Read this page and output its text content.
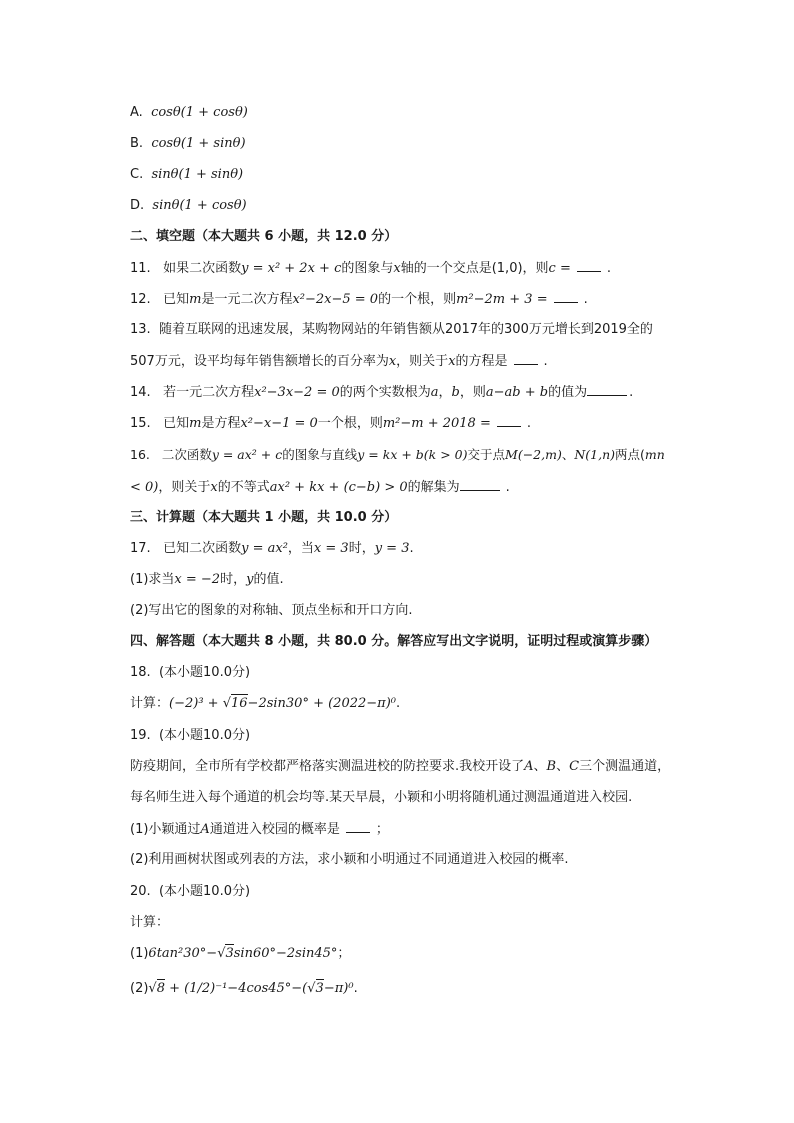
A. cosθ(1 + cosθ)
B. cosθ(1 + sinθ)
C. sinθ(1 + sinθ)
D. sinθ(1 + cosθ)
二、填空题（本大题共 6 小题，共 12.0 分）
11. 如果二次函数y = x² + 2x + c的图象与x轴的一个交点是(1,0)，则c =	.
12. 已知m是一元二次方程x²−2x−5 = 0的一个根，则m²−2m + 3 =	.
13. 随着互联网的迅速发展，某购物网站的年销售额从2017年的300万元增长到2019全的
507万元，设平均每年销售额增长的百分率为x，则关于x的方程是	.
14. 若一元二次方程x²−3x−2 = 0的两个实数根为a，b，则a−ab + b的值为	.
15. 已知m是方程x²−x−1 = 0一个根，则m²−m + 2018 =	.
16. 二次函数y = ax² + c的图象与直线y = kx + b(k > 0)交于点M(−2,m)、N(1,n)两点(mn
< 0)，则关于x的不等式ax² + kx + (c−b) > 0的解集为	.
三、计算题（本大题共 1 小题，共 10.0 分）
17. 已知二次函数y = ax²，当x = 3时，y = 3.
(1)求当x = −2时，y的值.
(2)写出它的图象的对称轴、顶点坐标和开口方向.
四、解答题（本大题共 8 小题，共 80.0 分。解答应写出文字说明，证明过程或演算步骤）
18. (本小题10.0分)
计算：(−2)³ + √16−2sin30° + (2022−π)⁰.
19. (本小题10.0分)
防疫期间，全市所有学校都严格落实测温进校的防控要求.我校开设了A、B、C三个测温通道，
每名师生进入每个通道的机会均等.某天早晨，小颖和小明将随机通过测温通道进入校园.
(1)小颖通过A通道进入校园的概率是	；
(2)利用画树状图或列表的方法，求小颖和小明通过不同通道进入校园的概率.
20. (本小题10.0分)
计算：
(1)6tan²30°−√3sin60°−2sin45°；
(2)√8 + (1/2)⁻¹−4cos45°−(√3−π)⁰.
